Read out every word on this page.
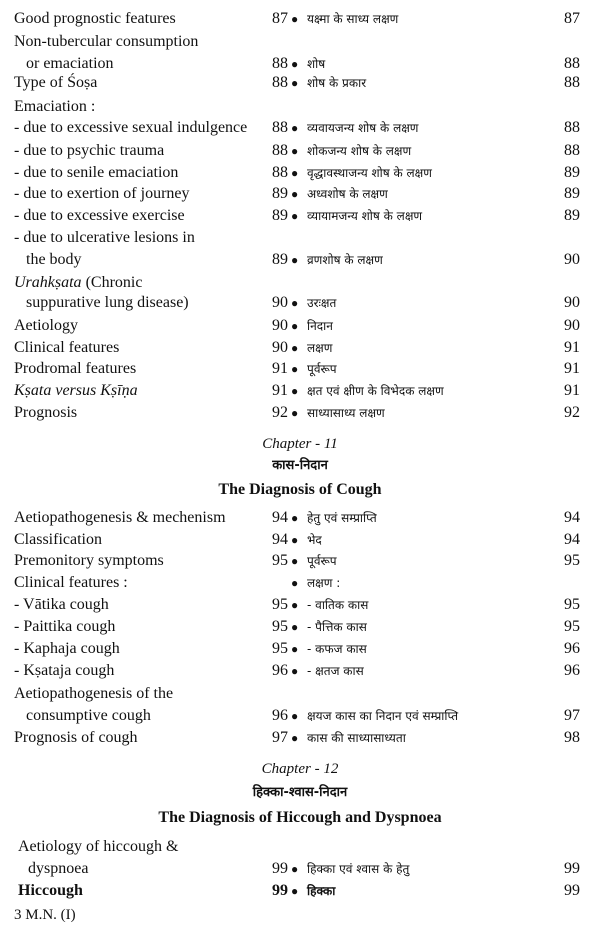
Good prognostic features	87 ● यक्ष्मा के साध्य लक्षण	87
Non-tubercular consumption
or emaciation	88 ● शोष	88
Type of Śoṣa	88 ● शोष के प्रकार	88
Emaciation :
- due to excessive sexual indulgence 88 ● व्यवायजन्य शोष के लक्षण	88
- due to psychic trauma	88 ● शोकजन्य शोष के लक्षण	88
- due to senile emaciation	88 ● वृद्धावस्थाजन्य शोष के लक्षण	89
- due to exertion of journey	89 ● अध्वशोष के लक्षण	89
- due to excessive exercise	89 ● व्यायामजन्य शोष के लक्षण	89
- due to ulcerative lesions in
the body	89 ● व्रणशोष के लक्षण	90
Urahkṣata (Chronic
suppurative lung disease)	90 ● उरःक्षत	90
Aetiology	90 ● निदान	90
Clinical features	90 ● लक्षण	91
Prodromal features	91 ● पूर्वरूप	91
Kṣata versus Kṣīṇa	91 ● क्षत एवं क्षीण के विभेदक लक्षण	91
Prognosis	92 ● साध्यासाध्य लक्षण	92
Chapter - 11
कास-निदान
The Diagnosis of Cough
Aetiopathogenesis & mechenism	94 ● हेतु एवं सम्प्राप्ति	94
Classification	94 ● भेद	94
Premonitory symptoms	95 ● पूर्वरूप	95
Clinical features :	● लक्षण :
- Vātika cough	95 ● - वातिक कास	95
- Paittika cough	95 ● - पैत्तिक कास	95
- Kaphaja cough	95 ● - कफज कास	96
- Kṣataja cough	96 ● - क्षतज कास	96
Aetiopathogenesis of the
consumptive cough	96 ● क्षयज कास का निदान एवं सम्प्राप्ति	97
Prognosis of cough	97 ● कास की साध्यासाध्यता	98
Chapter - 12
हिक्का-श्वास-निदान
The Diagnosis of Hiccough and Dyspnoea
Aetiology of hiccough &
dyspnoea	99 ● हिक्का एवं श्वास के हेतु	99
Hiccough	99 ● हिक्का	99
3 M.N. (I)
